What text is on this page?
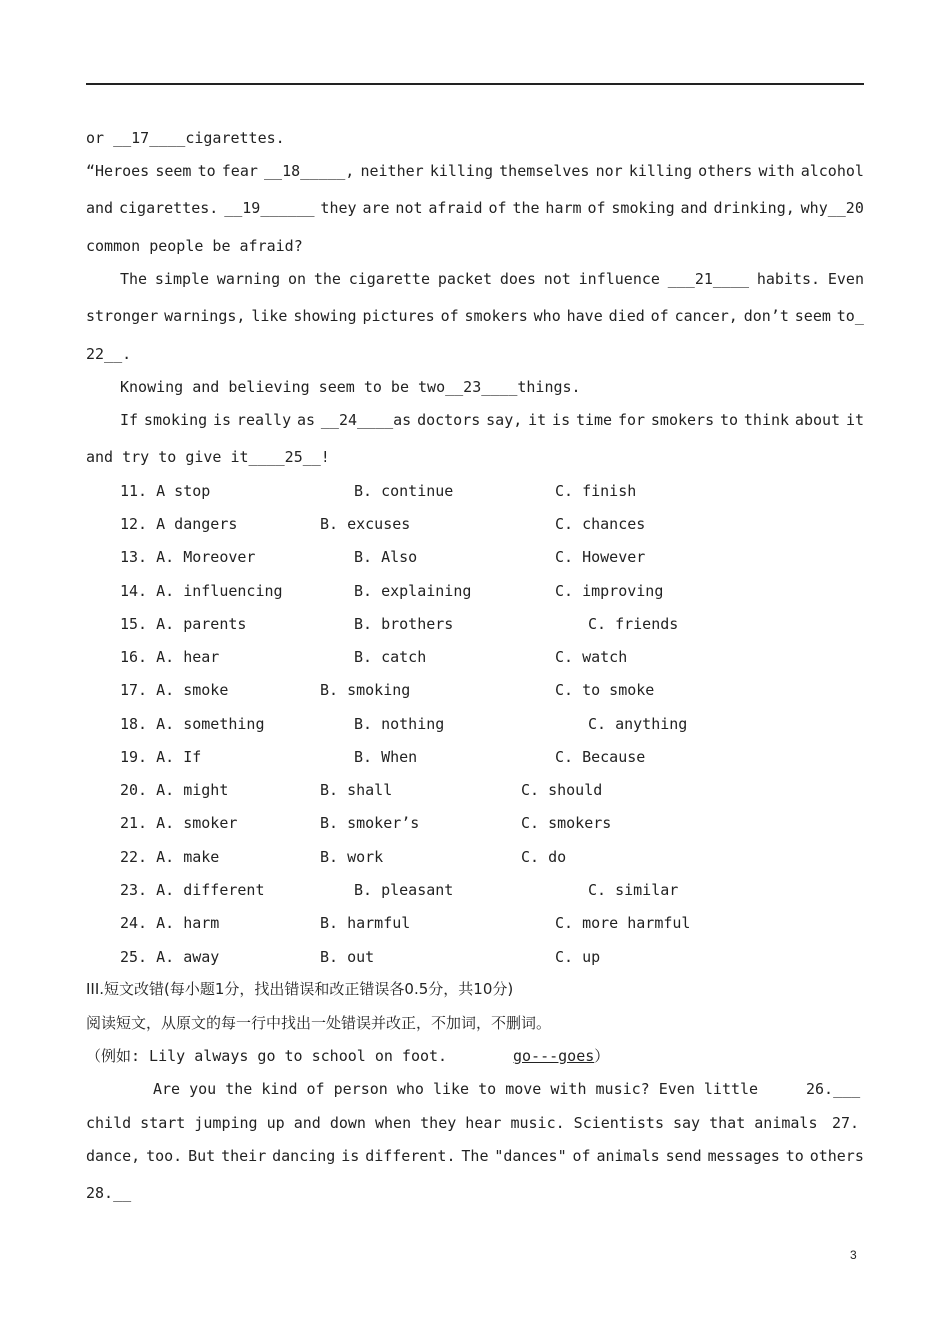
or __17____cigarettes.
“Heroes seem to fear __18_____, neither killing themselves nor killing others with alcohol
and cigarettes. __19______ they are not afraid of the harm of smoking and drinking, why__20
common people be afraid?
The simple warning on the cigarette packet does not influence ___21____ habits. Even
stronger warnings, like showing pictures of smokers who have died of cancer, don’t seem to_
22__.
Knowing and believing seem to be two__23____things.
If smoking is really as __24____as doctors say, it is time for smokers to think about it
and try to give it____25__!
11. A stop	B. continue	C. finish
12. A dangers	B. excuses	C. chances
13. A. Moreover	B. Also	C. However
14. A. influencing	B. explaining	C. improving
15. A. parents	B. brothers	C. friends
16. A. hear	B. catch	C. watch
17. A. smoke	B. smoking	C. to smoke
18. A. something	B. nothing	C. anything
19. A. If	B. When	C. Because
20. A. might	B. shall	C. should
21. A. smoker	B. smoker’s	C. smokers
22. A. make	B. work	C. do
23. A. different	B. pleasant	C. similar
24. A. harm	B. harmful	C. more harmful
25. A. away	B. out	C. up
III.短文改错(每小题1分，找出错误和改正错误各0.5分，共10分)
阅读短文，从原文的每一行中找出一处错误并改正，不加词，不删词。
（例如: Lily always go to school on foot.	go---goes）
Are you the kind of person who like to move with music? Even little	26.___
child start jumping up and down when they hear music. Scientists say that animals 27.
dance, too. But their dancing is different. The "dances" of animals send messages to others
28.__
3
